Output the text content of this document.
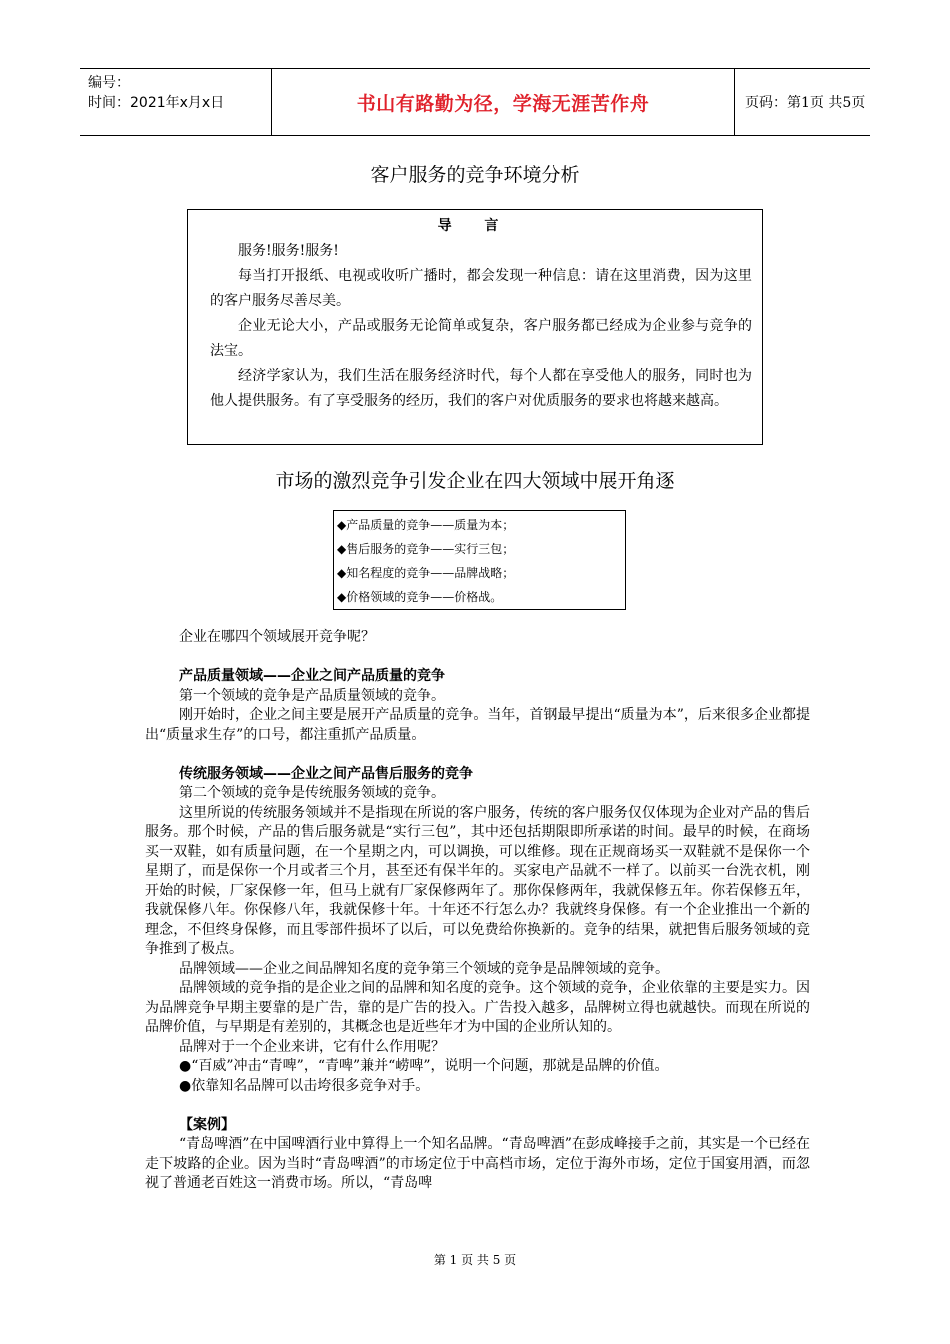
编号：
时间：2021年x月x日	书山有路勤为径，学海无涯苦作舟	页码：第1页 共5页
客户服务的竞争环境分析
导 言

服务!服务!服务!

每当打开报纸、电视或收听广播时，都会发现一种信息：请在这里消费，因为这里的客户服务尽善尽美。

企业无论大小，产品或服务无论简单或复杂，客户服务都已经成为企业参与竞争的法宝。

经济学家认为，我们生活在服务经济时代，每个人都在享受他人的服务，同时也为他人提供服务。有了享受服务的经历，我们的客户对优质服务的要求也将越来越高。

市场的激烈竞争引发企业在四大领域中展开角逐
◆产品质量的竞争——质量为本；
◆售后服务的竞争——实行三包；
◆知名程度的竞争——品牌战略；
◆价格领域的竞争——价格战。

企业在哪四个领域展开竞争呢？

产品质量领域——企业之间产品质量的竞争

第一个领域的竞争是产品质量领域的竞争。

刚开始时，企业之间主要是展开产品质量的竞争。当年，首钢最早提出“质量为本”，后来很多企业都提出“质量求生存”的口号，都注重抓产品质量。

传统服务领域——企业之间产品售后服务的竞争

第二个领域的竞争是传统服务领域的竞争。

这里所说的传统服务领域并不是指现在所说的客户服务，传统的客户服务仅仅体现为企业对产品的售后服务。那个时候，产品的售后服务就是“实行三包”，其中还包括期限即所承诺的时间。最早的时候，在商场买一双鞋，如有质量问题，在一个星期之内，可以调换，可以维修。现在正规商场买一双鞋就不是保你一个星期了，而是保你一个月或者三个月，甚至还有保半年的。买家电产品就不一样了。以前买一台洗衣机，刚开始的时候，厂家保修一年，但马上就有厂家保修两年了。那你保修两年，我就保修五年。你若保修五年，我就保修八年。你保修八年，我就保修十年。十年还不行怎么办？我就终身保修。有一个企业推出一个新的理念，不但终身保修，而且零部件损坏了以后，可以免费给你换新的。竞争的结果，就把售后服务领域的竞争推到了极点。

品牌领域——企业之间品牌知名度的竞争第三个领域的竞争是品牌领域的竞争。

品牌领域的竞争指的是企业之间的品牌和知名度的竞争。这个领域的竞争，企业依靠的主要是实力。因为品牌竞争早期主要靠的是广告，靠的是广告的投入。广告投入越多，品牌树立得也就越快。而现在所说的品牌价值，与早期是有差别的，其概念也是近些年才为中国的企业所认知的。

品牌对于一个企业来讲，它有什么作用呢？

●“百威”冲击“青啤”，“青啤”兼并“崂啤”，说明一个问题，那就是品牌的价值。

●依靠知名品牌可以击垮很多竞争对手。

【案例】

“青岛啤酒”在中国啤酒行业中算得上一个知名品牌。“青岛啤酒”在彭成峰接手之前，其实是一个已经在走下坡路的企业。因为当时“青岛啤酒”的市场定位于中高档市场，定位于海外市场，定位于国宴用酒，而忽视了普通老百姓这一消费市场。所以，“青岛啤

第 1 页 共 5 页
